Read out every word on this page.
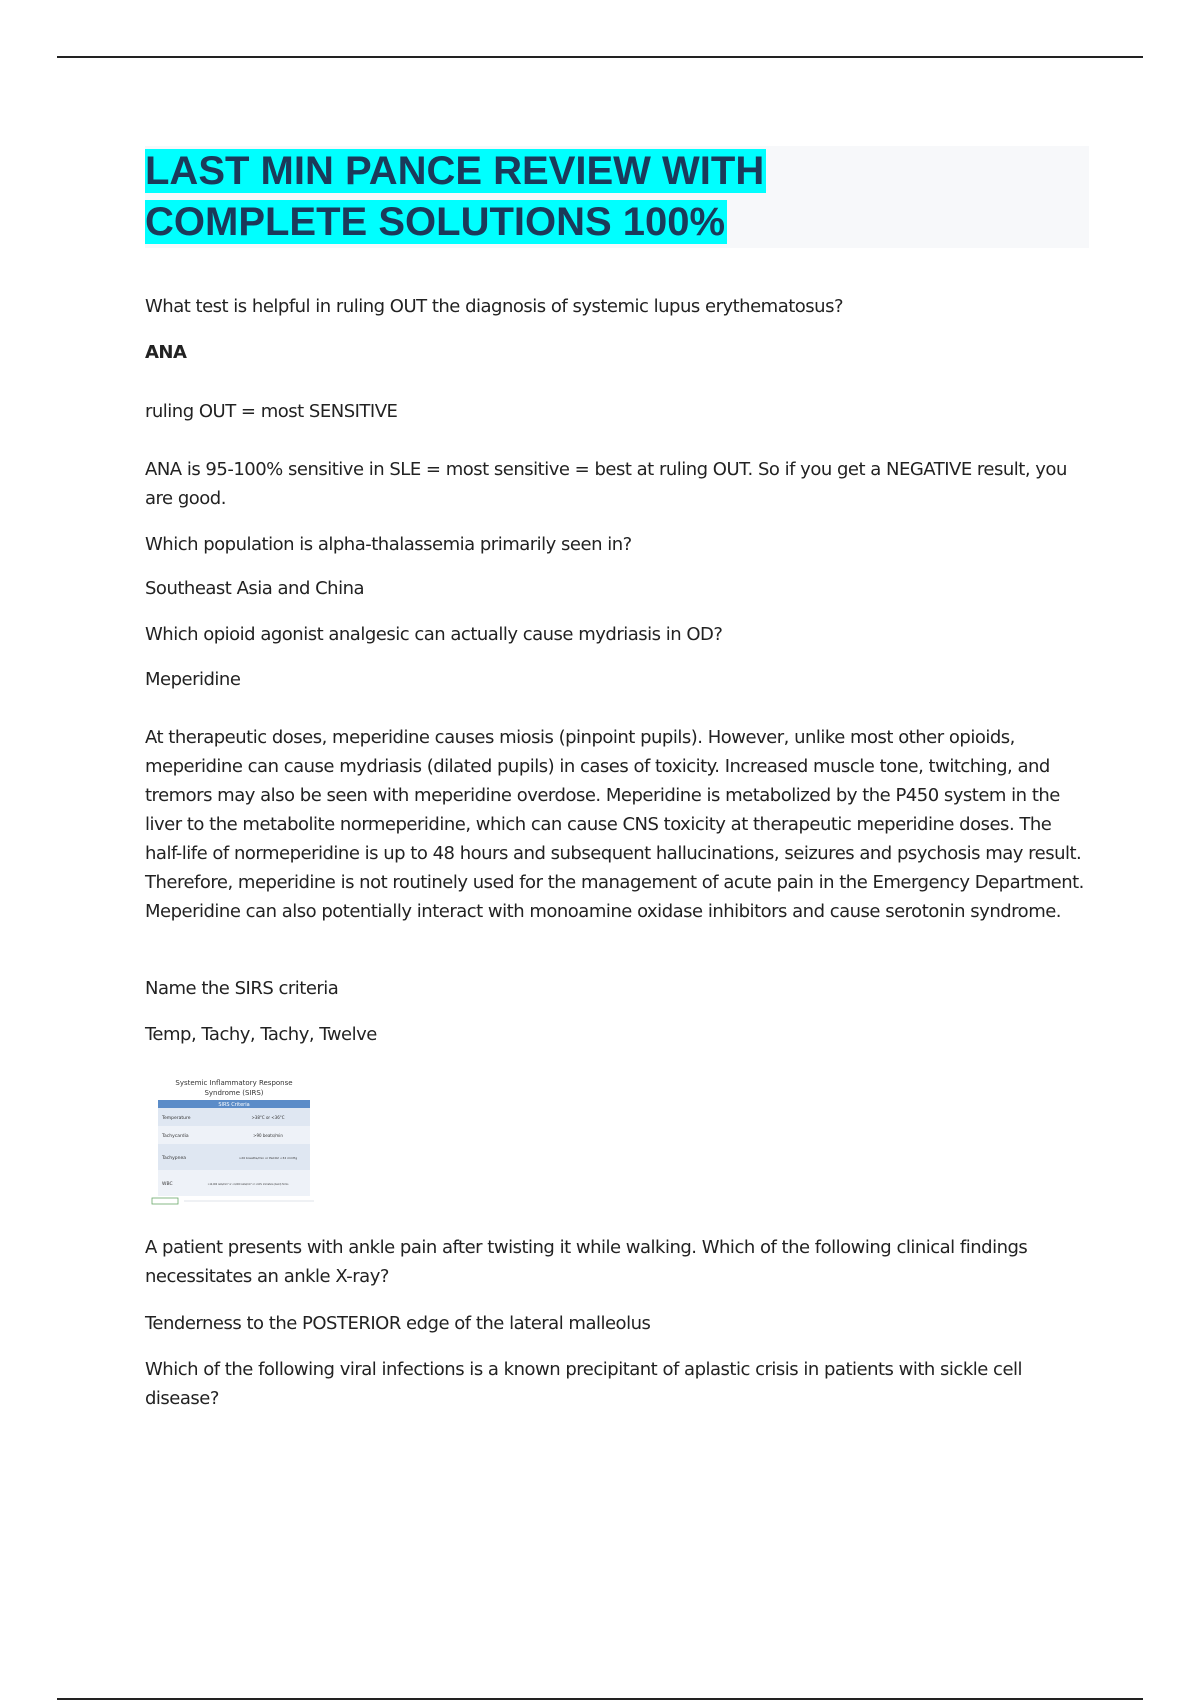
LAST MIN PANCE REVIEW WITH
COMPLETE SOLUTIONS 100%
What test is helpful in ruling OUT the diagnosis of systemic lupus erythematosus?
ANA
ruling OUT = most SENSITIVE
ANA is 95-100% sensitive in SLE = most sensitive = best at ruling OUT. So if you get a NEGATIVE result, you are good.
Which population is alpha-thalassemia primarily seen in?
Southeast Asia and China
Which opioid agonist analgesic can actually cause mydriasis in OD?
Meperidine
At therapeutic doses, meperidine causes miosis (pinpoint pupils). However, unlike most other opioids, meperidine can cause mydriasis (dilated pupils) in cases of toxicity. Increased muscle tone, twitching, and tremors may also be seen with meperidine overdose. Meperidine is metabolized by the P450 system in the liver to the metabolite normeperidine, which can cause CNS toxicity at therapeutic meperidine doses. The half-life of normeperidine is up to 48 hours and subsequent hallucinations, seizures and psychosis may result. Therefore, meperidine is not routinely used for the management of acute pain in the Emergency Department. Meperidine can also potentially interact with monoamine oxidase inhibitors and cause serotonin syndrome.
Name the SIRS criteria
Temp, Tachy, Tachy, Twelve
A patient presents with ankle pain after twisting it while walking. Which of the following clinical findings necessitates an ankle X-ray?
Tenderness to the POSTERIOR edge of the lateral malleolus
Which of the following viral infections is a known precipitant of aplastic crisis in patients with sickle cell disease?
Systemic Inflammatory Response
Syndrome (SIRS)
SIRS Criteria
Temperature	>38°C or <36°C
Tachycardia	>90 beats/min
Tachypnea	>20 breaths/min or PaCO2 <32 mmHg
WBC	>12,000 cells/mm³ or <4,000 cells/mm³ or >10% immature (band) forms
